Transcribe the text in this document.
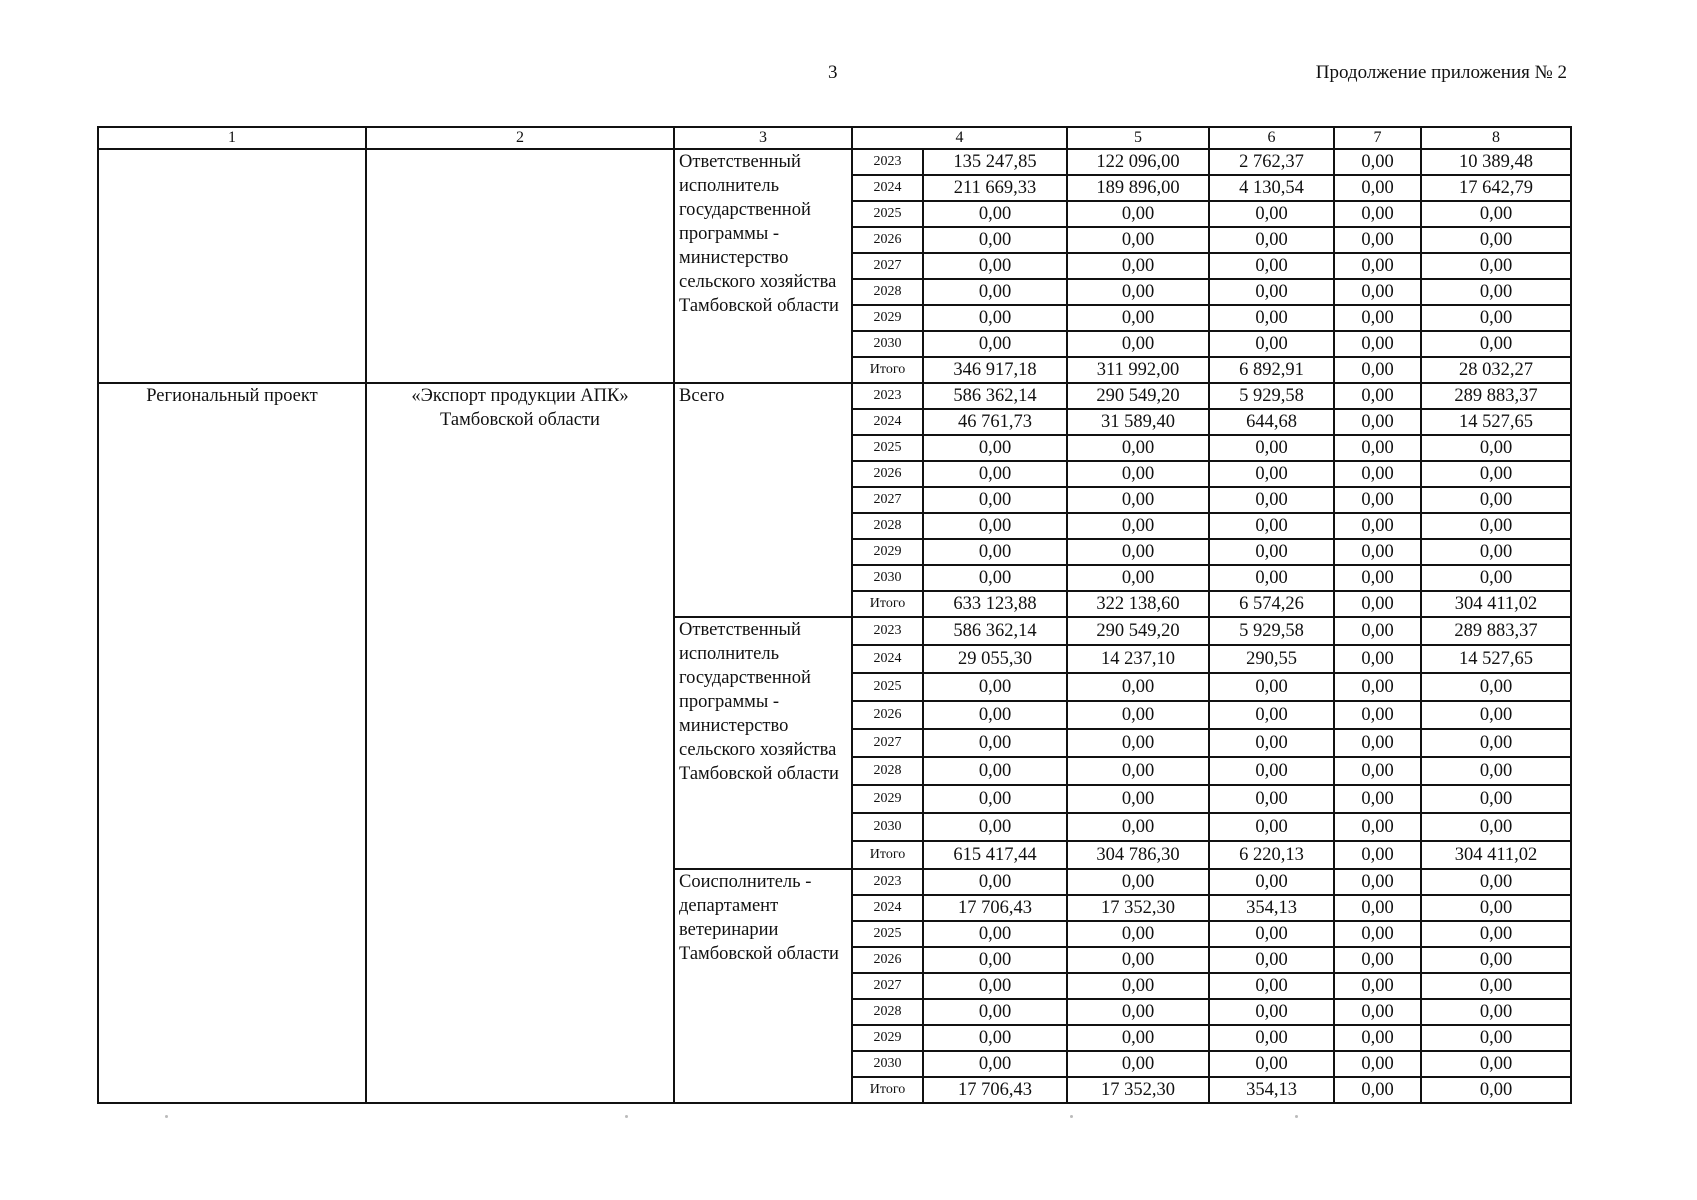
3	Продолжение приложения № 2
1	2	3	4		5	6	7	8
		Ответственный исполнитель государственной программы - министерство сельского хозяйства Тамбовской области	2023	135 247,85	122 096,00	2 762,37	0,00	10 389,48
			2024	211 669,33	189 896,00	4 130,54	0,00	17 642,79
			2025	0,00	0,00	0,00	0,00	0,00
			2026	0,00	0,00	0,00	0,00	0,00
			2027	0,00	0,00	0,00	0,00	0,00
			2028	0,00	0,00	0,00	0,00	0,00
			2029	0,00	0,00	0,00	0,00	0,00
			2030	0,00	0,00	0,00	0,00	0,00
			Итого	346 917,18	311 992,00	6 892,91	0,00	28 032,27
Региональный проект	«Экспорт продукции АПК» Тамбовской области	Всего	2023	586 362,14	290 549,20	5 929,58	0,00	289 883,37
			2024	46 761,73	31 589,40	644,68	0,00	14 527,65
			2025	0,00	0,00	0,00	0,00	0,00
			2026	0,00	0,00	0,00	0,00	0,00
			2027	0,00	0,00	0,00	0,00	0,00
			2028	0,00	0,00	0,00	0,00	0,00
			2029	0,00	0,00	0,00	0,00	0,00
			2030	0,00	0,00	0,00	0,00	0,00
			Итого	633 123,88	322 138,60	6 574,26	0,00	304 411,02
		Ответственный исполнитель государственной программы - министерство сельского хозяйства Тамбовской области	2023	586 362,14	290 549,20	5 929,58	0,00	289 883,37
			2024	29 055,30	14 237,10	290,55	0,00	14 527,65
			2025	0,00	0,00	0,00	0,00	0,00
			2026	0,00	0,00	0,00	0,00	0,00
			2027	0,00	0,00	0,00	0,00	0,00
			2028	0,00	0,00	0,00	0,00	0,00
			2029	0,00	0,00	0,00	0,00	0,00
			2030	0,00	0,00	0,00	0,00	0,00
			Итого	615 417,44	304 786,30	6 220,13	0,00	304 411,02
		Соисполнитель - департамент ветеринарии Тамбовской области	2023	0,00	0,00	0,00	0,00	0,00
			2024	17 706,43	17 352,30	354,13	0,00	0,00
			2025	0,00	0,00	0,00	0,00	0,00
			2026	0,00	0,00	0,00	0,00	0,00
			2027	0,00	0,00	0,00	0,00	0,00
			2028	0,00	0,00	0,00	0,00	0,00
			2029	0,00	0,00	0,00	0,00	0,00
			2030	0,00	0,00	0,00	0,00	0,00
			Итого	17 706,43	17 352,30	354,13	0,00	0,00
